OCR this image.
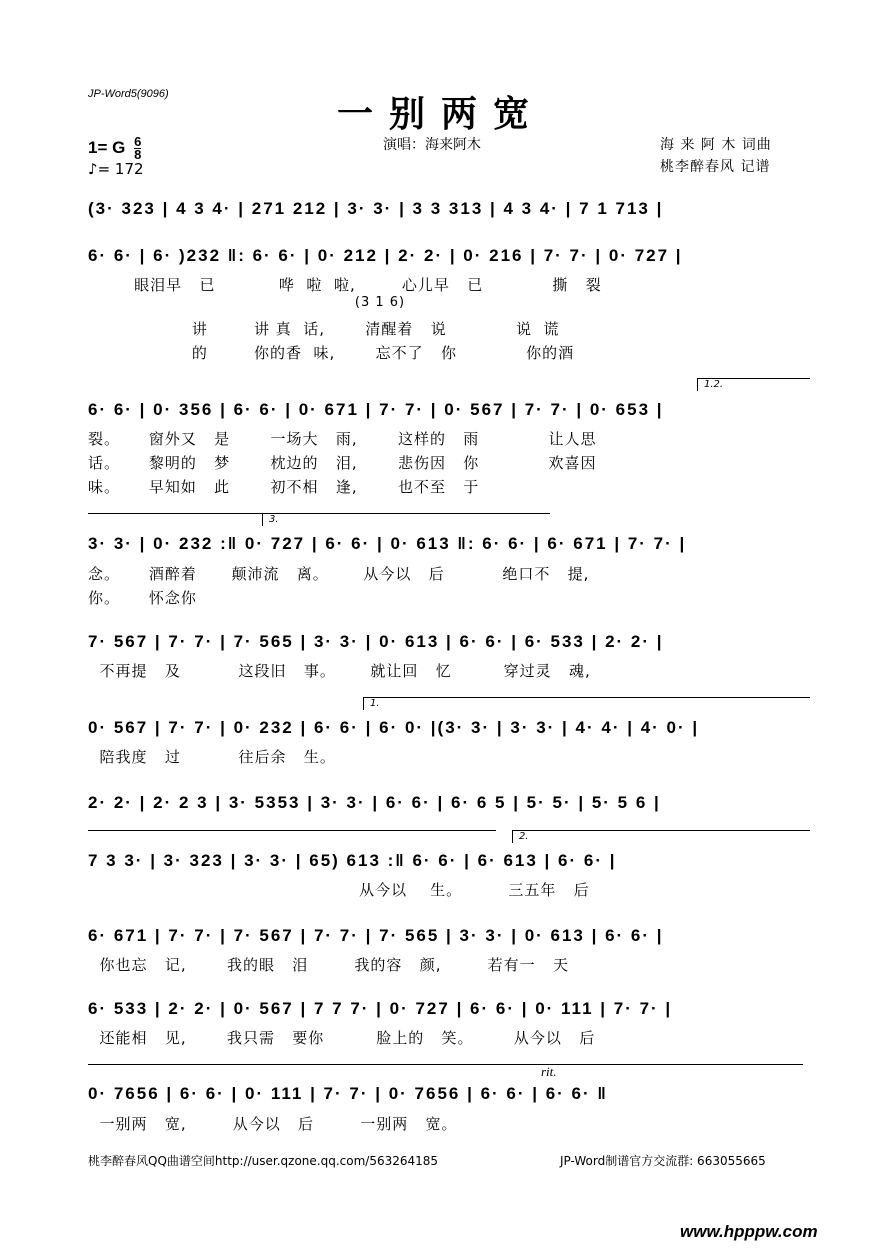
JP-Word5(9096)	一别两宽
1= G $\frac{6}{8}$
♪= 172
演唱：海来阿木	海 来 阿 木 词曲
桃李醉春风 记谱
(3· 323 | 4 3 4· | 271 212 | 3· 3· | 3 3 313 | 4 3 4· | 7 1 713 |
6· 6· | 6· )232 ‖: 6· 6· | 0· 212 | 2· 2· | 0· 216 | 7· 7· | 0· 727 |
眼泪早   已           哗  啦  啦,        心儿早   已            撕   裂
(3 1 6)
讲        讲 真  话,       清醒着   说            说  谎
的        你的香  味,       忘不了   你            你的酒
1.2.
6· 6· | 0· 356 | 6· 6· | 0· 671 | 7· 7· | 0· 567 | 7· 7· | 0· 653 |
裂。     窗外又   是       一场大   雨,       这样的   雨            让人思
话。     黎明的   梦       枕边的   泪,       悲伤因   你            欢喜因
味。     早知如   此       初不相   逢,       也不至   于
3.
3· 3· | 0· 232 :‖ 0· 727 | 6· 6· | 0· 613 ‖: 6· 6· | 6· 671 | 7· 7· |
念。     酒醉着      颠沛流   离。      从今以   后          绝口不   提,
你。     怀念你
7· 567 | 7· 7· | 7· 565 | 3· 3· | 0· 613 | 6· 6· | 6· 533 | 2· 2· |
不再提   及          这段旧   事。      就让回   忆         穿过灵   魂,
1.
0· 567 | 7· 7· | 0· 232 | 6· 6· | 6· 0· |(3· 3· | 3· 3· | 4· 4· | 4· 0· |
陪我度   过          往后余   生。
2· 2· | 2· 2 3 | 3· 5353 | 3· 3· | 6· 6· | 6· 6 5 | 5· 5· | 5· 5 6 |
2.
7 3 3· | 3· 323 | 3· 3· | 65) 613 :‖ 6· 6· | 6· 613 | 6· 6· |
从今以    生。        三五年   后
6· 671 | 7· 7· | 7· 567 | 7· 7· | 7· 565 | 3· 3· | 0· 613 | 6· 6· |
你也忘   记,       我的眼   泪        我的容   颜,        若有一   天
6· 533 | 2· 2· | 0· 567 | 7 7 7· | 0· 727 | 6· 6· | 0· 111 | 7· 7· |
还能相   见,       我只需   要你         脸上的   笑。       从今以   后
rit.
0· 7656 | 6· 6· | 0· 111 | 7· 7· | 0· 7656 | 6· 6· | 6· 6· ‖
一别两   宽,        从今以   后        一别两   宽。
桃李醉春风QQ曲谱空间http://user.qzone.qq.com/563264185	JP-Word制谱官方交流群: 663055665
www.hpppw.com
